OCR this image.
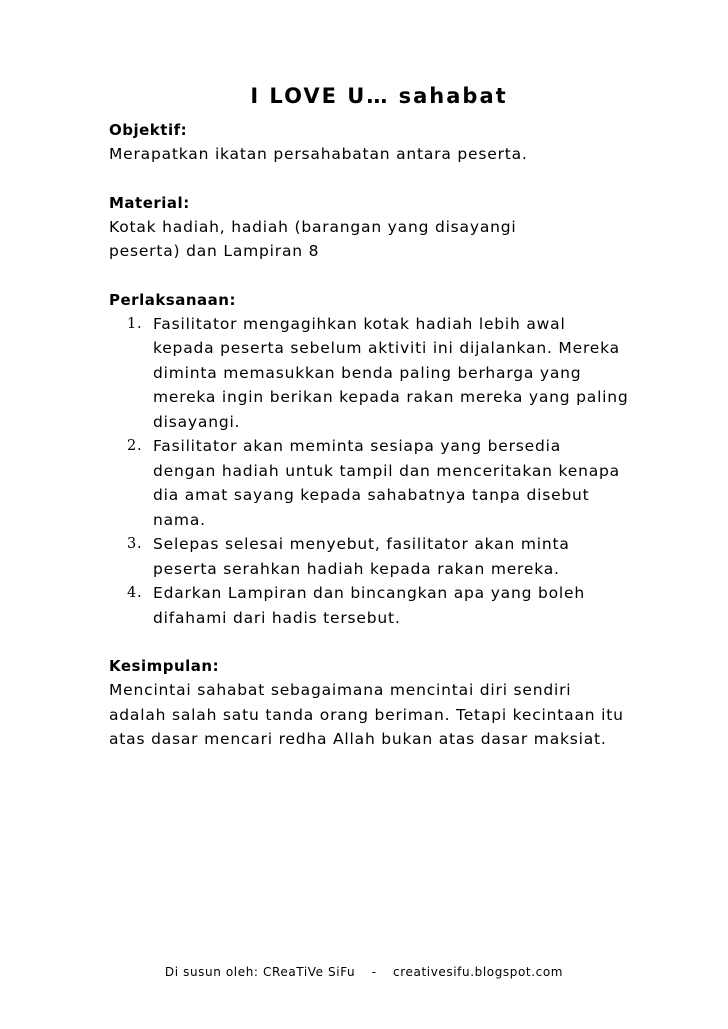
I LOVE U… sahabat

Objektif:

Merapatkan ikatan persahabatan antara peserta.

Material:

Kotak hadiah, hadiah (barangan yang disayangi peserta) dan Lampiran 8

Perlaksanaan:

1. Fasilitator mengagihkan kotak hadiah lebih awal kepada peserta sebelum aktiviti ini dijalankan. Mereka diminta memasukkan benda paling berharga yang mereka ingin berikan kepada rakan mereka yang paling disayangi.
2. Fasilitator akan meminta sesiapa yang bersedia dengan hadiah untuk tampil dan menceritakan kenapa dia amat sayang kepada sahabatnya tanpa disebut nama.
3. Selepas selesai menyebut, fasilitator akan minta peserta serahkan hadiah kepada rakan mereka.
4. Edarkan Lampiran dan bincangkan apa yang boleh difahami dari hadis tersebut.

Kesimpulan:

Mencintai sahabat sebagaimana mencintai diri sendiri adalah salah satu tanda orang beriman. Tetapi kecintaan itu atas dasar mencari redha Allah bukan atas dasar maksiat.

Di susun oleh: CReaTiVe SiFu - creativesifu.blogspot.com
